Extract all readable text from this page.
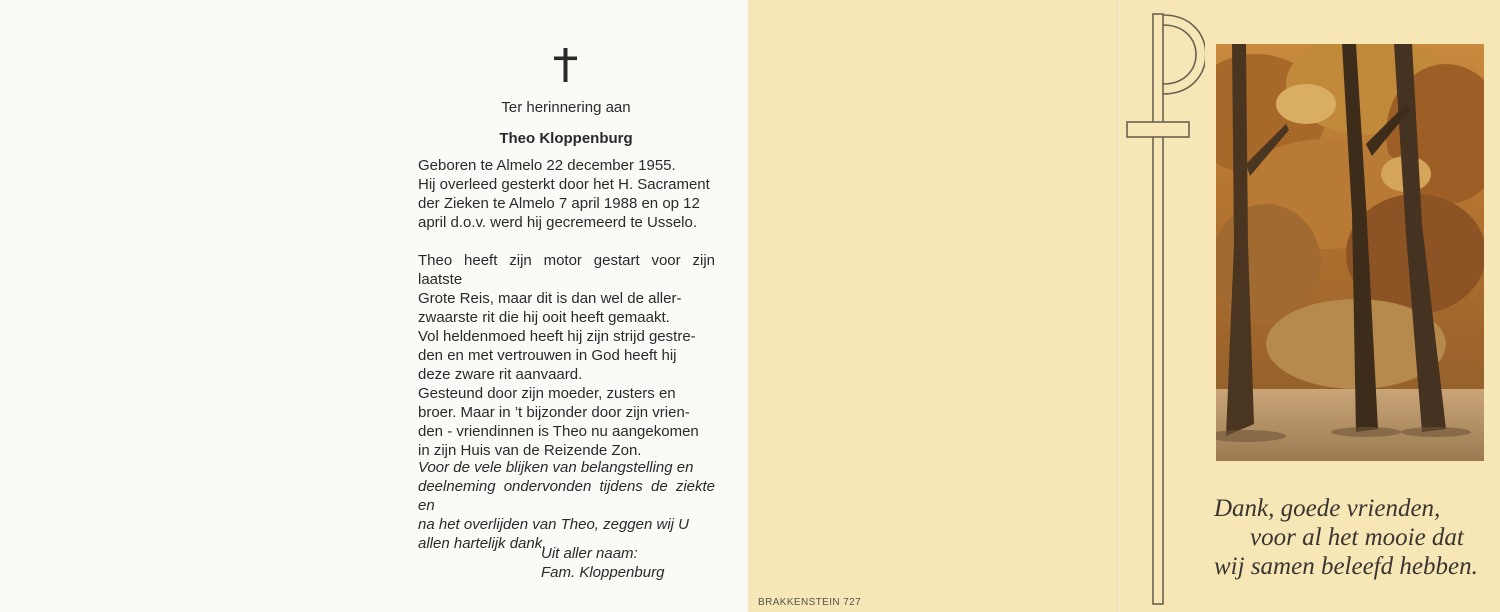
BRAKKENSTEIN 727
Ter herinnering aan
Theo Kloppenburg
Geboren te Almelo 22 december 1955.
Hij overleed gesterkt door het H. Sacrament
der Zieken te Almelo 7 april 1988 en op 12
april d.o.v. werd hij gecremeerd te Usselo.
Theo heeft zijn motor gestart voor zijn laatste
Grote Reis, maar dit is dan wel de aller-
zwaarste rit die hij ooit heeft gemaakt.
Vol heldenmoed heeft hij zijn strijd gestre-
den en met vertrouwen in God heeft hij
deze zware rit aanvaard.
Gesteund door zijn moeder, zusters en
broer. Maar in ’t bijzonder door zijn vrien-
den - vriendinnen is Theo nu aangekomen
in zijn Huis van de Reizende Zon.
Voor de vele blijken van belangstelling en
deelneming ondervonden tijdens de ziekte en
na het overlijden van Theo, zeggen wij U
allen hartelijk dank.
Uit aller naam:
Fam. Kloppenburg
Dank, goede vrienden,
voor al het mooie dat
wij samen beleefd hebben.
